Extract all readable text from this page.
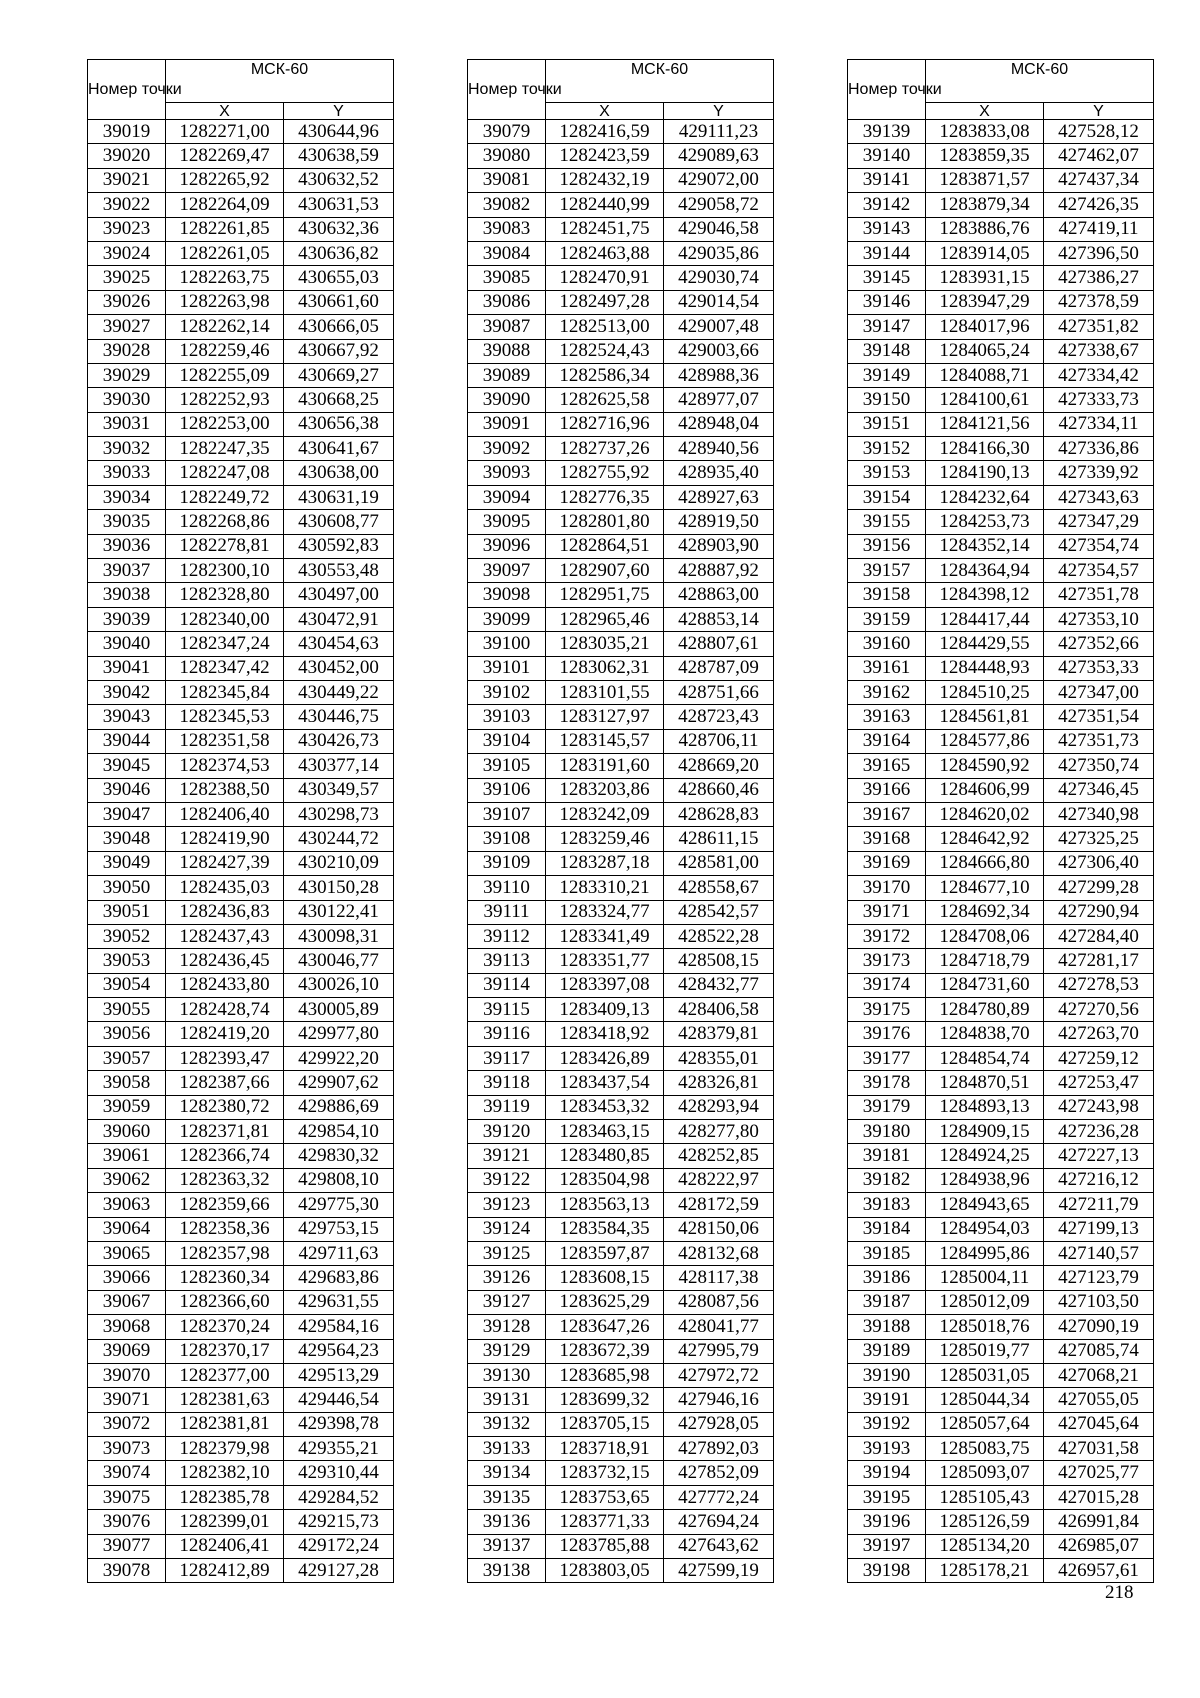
Номер точки	МСК-60	
	X	Y
39019	1282271,00	430644,96
39020	1282269,47	430638,59
39021	1282265,92	430632,52
39022	1282264,09	430631,53
39023	1282261,85	430632,36
39024	1282261,05	430636,82
39025	1282263,75	430655,03
39026	1282263,98	430661,60
39027	1282262,14	430666,05
39028	1282259,46	430667,92
39029	1282255,09	430669,27
39030	1282252,93	430668,25
39031	1282253,00	430656,38
39032	1282247,35	430641,67
39033	1282247,08	430638,00
39034	1282249,72	430631,19
39035	1282268,86	430608,77
39036	1282278,81	430592,83
39037	1282300,10	430553,48
39038	1282328,80	430497,00
39039	1282340,00	430472,91
39040	1282347,24	430454,63
39041	1282347,42	430452,00
39042	1282345,84	430449,22
39043	1282345,53	430446,75
39044	1282351,58	430426,73
39045	1282374,53	430377,14
39046	1282388,50	430349,57
39047	1282406,40	430298,73
39048	1282419,90	430244,72
39049	1282427,39	430210,09
39050	1282435,03	430150,28
39051	1282436,83	430122,41
39052	1282437,43	430098,31
39053	1282436,45	430046,77
39054	1282433,80	430026,10
39055	1282428,74	430005,89
39056	1282419,20	429977,80
39057	1282393,47	429922,20
39058	1282387,66	429907,62
39059	1282380,72	429886,69
39060	1282371,81	429854,10
39061	1282366,74	429830,32
39062	1282363,32	429808,10
39063	1282359,66	429775,30
39064	1282358,36	429753,15
39065	1282357,98	429711,63
39066	1282360,34	429683,86
39067	1282366,60	429631,55
39068	1282370,24	429584,16
39069	1282370,17	429564,23
39070	1282377,00	429513,29
39071	1282381,63	429446,54
39072	1282381,81	429398,78
39073	1282379,98	429355,21
39074	1282382,10	429310,44
39075	1282385,78	429284,52
39076	1282399,01	429215,73
39077	1282406,41	429172,24
39078	1282412,89	429127,28
Номер точки	МСК-60	
	X	Y
39079	1282416,59	429111,23
39080	1282423,59	429089,63
39081	1282432,19	429072,00
39082	1282440,99	429058,72
39083	1282451,75	429046,58
39084	1282463,88	429035,86
39085	1282470,91	429030,74
39086	1282497,28	429014,54
39087	1282513,00	429007,48
39088	1282524,43	429003,66
39089	1282586,34	428988,36
39090	1282625,58	428977,07
39091	1282716,96	428948,04
39092	1282737,26	428940,56
39093	1282755,92	428935,40
39094	1282776,35	428927,63
39095	1282801,80	428919,50
39096	1282864,51	428903,90
39097	1282907,60	428887,92
39098	1282951,75	428863,00
39099	1282965,46	428853,14
39100	1283035,21	428807,61
39101	1283062,31	428787,09
39102	1283101,55	428751,66
39103	1283127,97	428723,43
39104	1283145,57	428706,11
39105	1283191,60	428669,20
39106	1283203,86	428660,46
39107	1283242,09	428628,83
39108	1283259,46	428611,15
39109	1283287,18	428581,00
39110	1283310,21	428558,67
39111	1283324,77	428542,57
39112	1283341,49	428522,28
39113	1283351,77	428508,15
39114	1283397,08	428432,77
39115	1283409,13	428406,58
39116	1283418,92	428379,81
39117	1283426,89	428355,01
39118	1283437,54	428326,81
39119	1283453,32	428293,94
39120	1283463,15	428277,80
39121	1283480,85	428252,85
39122	1283504,98	428222,97
39123	1283563,13	428172,59
39124	1283584,35	428150,06
39125	1283597,87	428132,68
39126	1283608,15	428117,38
39127	1283625,29	428087,56
39128	1283647,26	428041,77
39129	1283672,39	427995,79
39130	1283685,98	427972,72
39131	1283699,32	427946,16
39132	1283705,15	427928,05
39133	1283718,91	427892,03
39134	1283732,15	427852,09
39135	1283753,65	427772,24
39136	1283771,33	427694,24
39137	1283785,88	427643,62
39138	1283803,05	427599,19
Номер точки	МСК-60	
	X	Y
39139	1283833,08	427528,12
39140	1283859,35	427462,07
39141	1283871,57	427437,34
39142	1283879,34	427426,35
39143	1283886,76	427419,11
39144	1283914,05	427396,50
39145	1283931,15	427386,27
39146	1283947,29	427378,59
39147	1284017,96	427351,82
39148	1284065,24	427338,67
39149	1284088,71	427334,42
39150	1284100,61	427333,73
39151	1284121,56	427334,11
39152	1284166,30	427336,86
39153	1284190,13	427339,92
39154	1284232,64	427343,63
39155	1284253,73	427347,29
39156	1284352,14	427354,74
39157	1284364,94	427354,57
39158	1284398,12	427351,78
39159	1284417,44	427353,10
39160	1284429,55	427352,66
39161	1284448,93	427353,33
39162	1284510,25	427347,00
39163	1284561,81	427351,54
39164	1284577,86	427351,73
39165	1284590,92	427350,74
39166	1284606,99	427346,45
39167	1284620,02	427340,98
39168	1284642,92	427325,25
39169	1284666,80	427306,40
39170	1284677,10	427299,28
39171	1284692,34	427290,94
39172	1284708,06	427284,40
39173	1284718,79	427281,17
39174	1284731,60	427278,53
39175	1284780,89	427270,56
39176	1284838,70	427263,70
39177	1284854,74	427259,12
39178	1284870,51	427253,47
39179	1284893,13	427243,98
39180	1284909,15	427236,28
39181	1284924,25	427227,13
39182	1284938,96	427216,12
39183	1284943,65	427211,79
39184	1284954,03	427199,13
39185	1284995,86	427140,57
39186	1285004,11	427123,79
39187	1285012,09	427103,50
39188	1285018,76	427090,19
39189	1285019,77	427085,74
39190	1285031,05	427068,21
39191	1285044,34	427055,05
39192	1285057,64	427045,64
39193	1285083,75	427031,58
39194	1285093,07	427025,77
39195	1285105,43	427015,28
39196	1285126,59	426991,84
39197	1285134,20	426985,07
39198	1285178,21	426957,61
218
